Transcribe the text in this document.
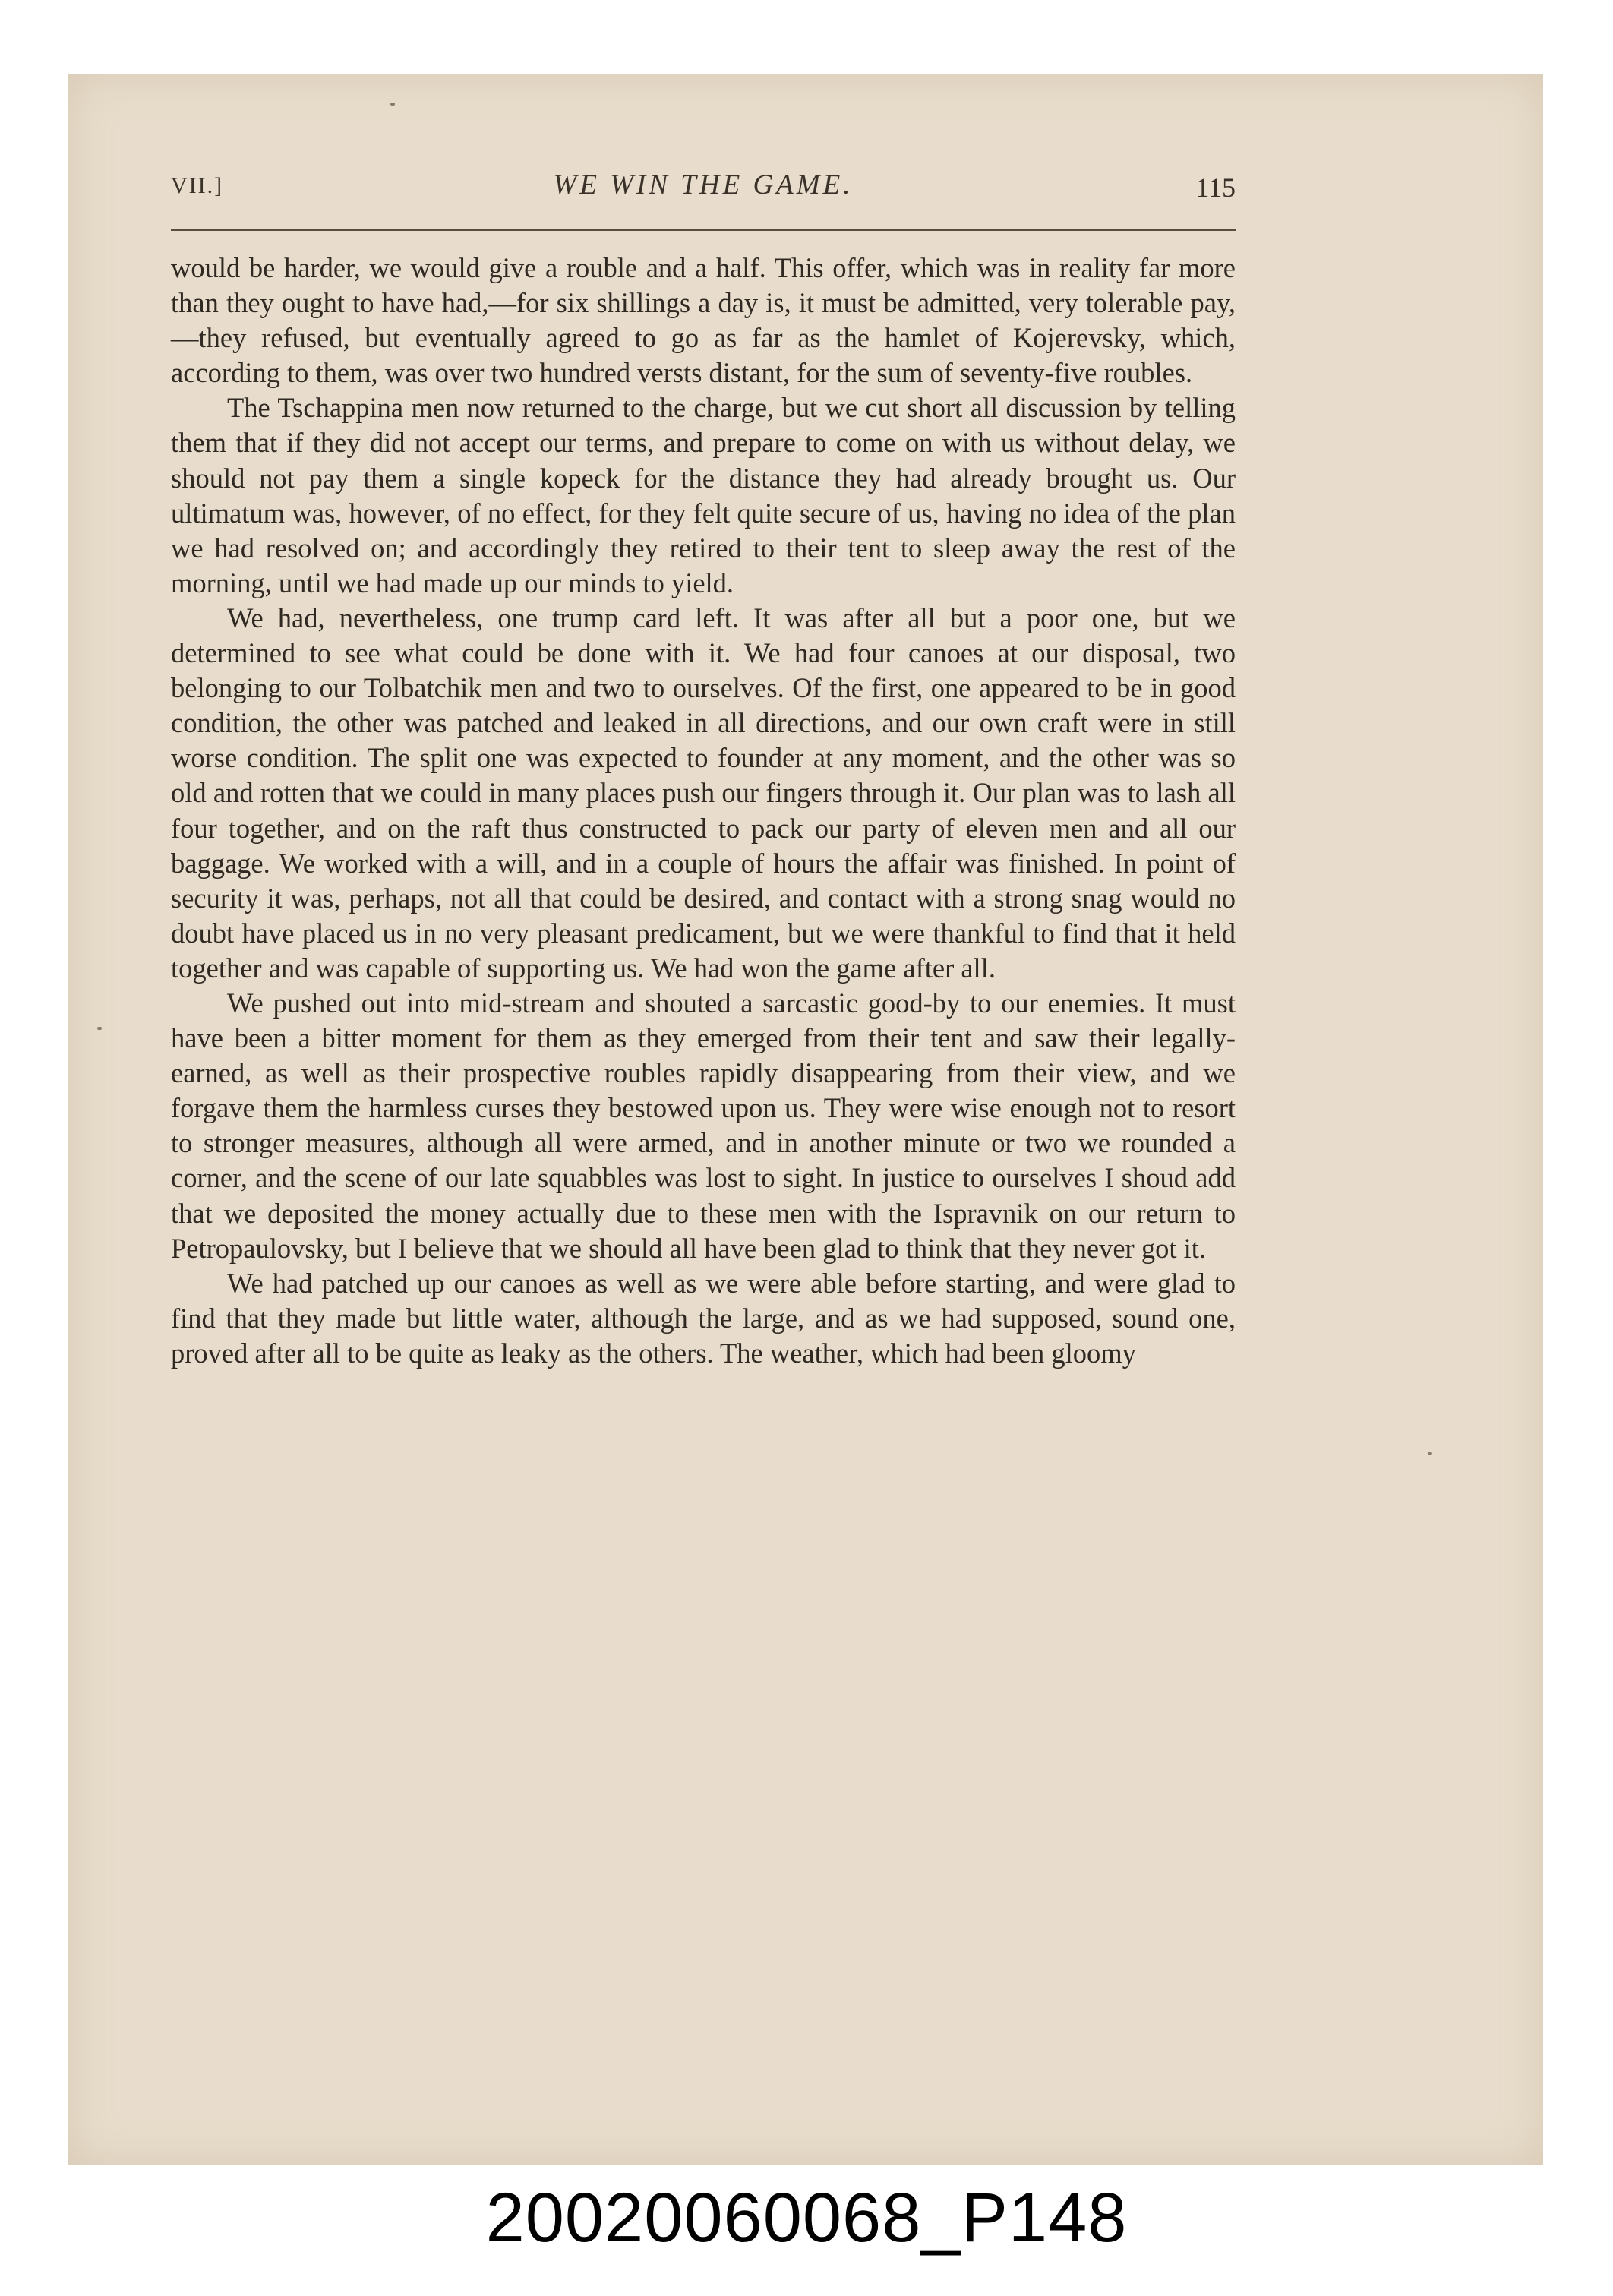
VII.]	WE WIN THE GAME.	115

would be harder, we would give a rouble and a half. This offer, which was in reality far more than they ought to have had,—for six shillings a day is, it must be admitted, very tolerable pay,—they refused, but eventually agreed to go as far as the hamlet of Kojerevsky, which, according to them, was over two hundred versts distant, for the sum of seventy-five roubles.

The Tschappina men now returned to the charge, but we cut short all discussion by telling them that if they did not accept our terms, and prepare to come on with us without delay, we should not pay them a single kopeck for the distance they had already brought us. Our ultimatum was, however, of no effect, for they felt quite secure of us, having no idea of the plan we had resolved on; and accordingly they retired to their tent to sleep away the rest of the morning, until we had made up our minds to yield.

We had, nevertheless, one trump card left. It was after all but a poor one, but we determined to see what could be done with it. We had four canoes at our disposal, two belonging to our Tolbatchik men and two to ourselves. Of the first, one appeared to be in good condition, the other was patched and leaked in all directions, and our own craft were in still worse condition. The split one was expected to founder at any moment, and the other was so old and rotten that we could in many places push our fingers through it. Our plan was to lash all four together, and on the raft thus constructed to pack our party of eleven men and all our baggage. We worked with a will, and in a couple of hours the affair was finished. In point of security it was, perhaps, not all that could be desired, and contact with a strong snag would no doubt have placed us in no very pleasant predicament, but we were thankful to find that it held together and was capable of supporting us. We had won the game after all.

We pushed out into mid-stream and shouted a sarcastic good-by to our enemies. It must have been a bitter moment for them as they emerged from their tent and saw their legally-earned, as well as their prospective roubles rapidly disappearing from their view, and we forgave them the harmless curses they bestowed upon us. They were wise enough not to resort to stronger measures, although all were armed, and in another minute or two we rounded a corner, and the scene of our late squabbles was lost to sight. In justice to ourselves I shoud add that we deposited the money actually due to these men with the Ispravnik on our return to Petropaulovsky, but I believe that we should all have been glad to think that they never got it.

We had patched up our canoes as well as we were able before starting, and were glad to find that they made but little water, although the large, and as we had supposed, sound one, proved after all to be quite as leaky as the others. The weather, which had been gloomy

20020060068_P148
